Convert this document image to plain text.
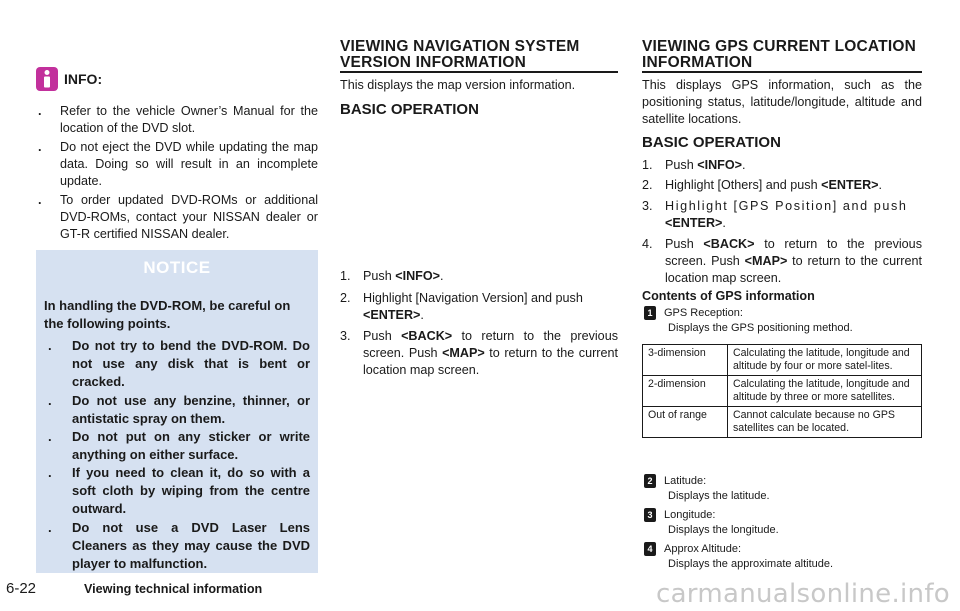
INFO:
. Refer to the vehicle Owner’s Manual for the location of the DVD slot.
. Do not eject the DVD while updating the map data. Doing so will result in an incomplete update.
. To order updated DVD-ROMs or additional DVD-ROMs, contact your NISSAN dealer or GT-R certified NISSAN dealer.
NOTICE
In handling the DVD-ROM, be careful on the following points.
. Do not try to bend the DVD-ROM. Do not use any disk that is bent or cracked.
. Do not use any benzine, thinner, or antistatic spray on them.
. Do not put on any sticker or write anything on either surface.
. If you need to clean it, do so with a soft cloth by wiping from the centre outward.
. Do not use a DVD Laser Lens Cleaners as they may cause the DVD player to malfunction.
VIEWING NAVIGATION SYSTEM
VERSION INFORMATION
This displays the map version information.
BASIC OPERATION
1. Push <INFO>.
2. Highlight [Navigation Version] and push <ENTER>.
3. Push <BACK> to return to the previous screen. Push <MAP> to return to the current location map screen.
VIEWING GPS CURRENT LOCATION
INFORMATION
This displays GPS information, such as the positioning status, latitude/longitude, altitude and satellite locations.
BASIC OPERATION
1. Push <INFO>.
2. Highlight [Others] and push <ENTER>.
3. Highlight [GPS Position] and push <ENTER>.
4. Push <BACK> to return to the previous screen. Push <MAP> to return to the current location map screen.
Contents of GPS information
1	GPS Reception:
Displays the GPS positioning method.
3-dimension	Calculating the latitude, longitude and altitude by four or more satel-lites.
2-dimension	Calculating the latitude, longitude and altitude by three or more satellites.
Out of range	Cannot calculate because no GPS satellites can be located.
2	Latitude:
Displays the latitude.
3	Longitude:
Displays the longitude.
4	Approx Altitude:
Displays the approximate altitude.
6-22	Viewing technical information	carmanualsonline.info
